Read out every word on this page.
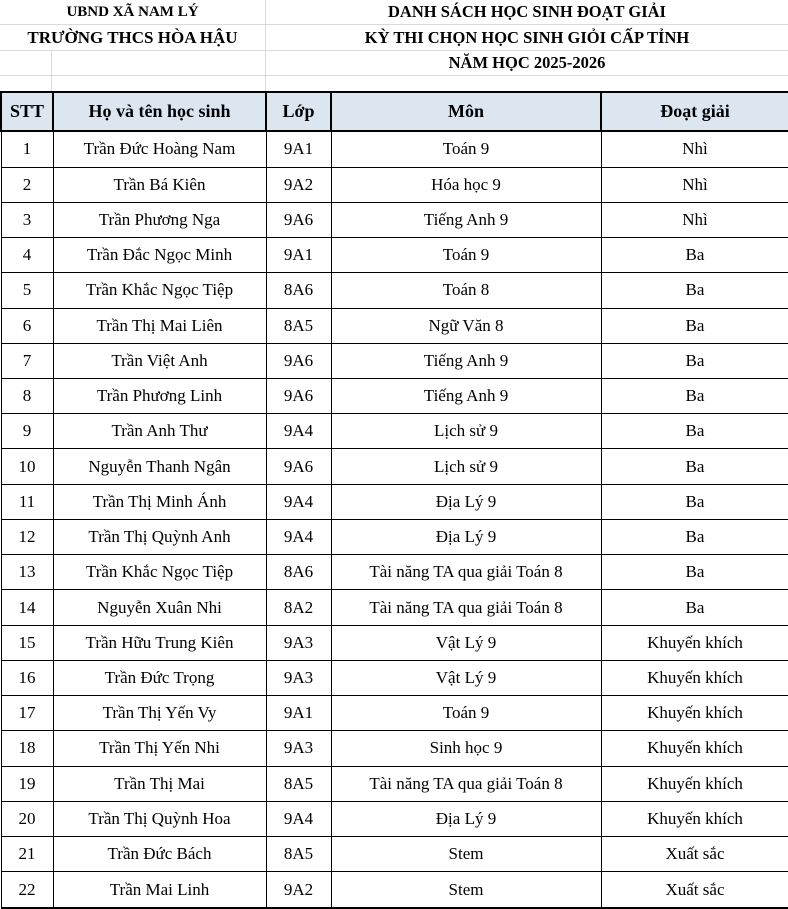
UBND XÃ NAM LÝ	DANH SÁCH HỌC SINH ĐOẠT GIẢI
TRƯỜNG THCS HÒA HẬU	KỲ THI CHỌN HỌC SINH GIỎI CẤP TỈNH
NĂM HỌC 2025-2026
STT	Họ và tên học sinh	Lớp	Môn	Đoạt giải
1	Trần Đức Hoàng Nam	9A1	Toán 9	Nhì
2	Trần Bá Kiên	9A2	Hóa học 9	Nhì
3	Trần Phương Nga	9A6	Tiếng Anh 9	Nhì
4	Trần Đắc Ngọc Minh	9A1	Toán 9	Ba
5	Trần Khắc Ngọc Tiệp	8A6	Toán 8	Ba
6	Trần Thị Mai Liên	8A5	Ngữ Văn 8	Ba
7	Trần Việt Anh	9A6	Tiếng Anh 9	Ba
8	Trần Phương Linh	9A6	Tiếng Anh 9	Ba
9	Trần Anh Thư	9A4	Lịch sử 9	Ba
10	Nguyễn Thanh Ngân	9A6	Lịch sử 9	Ba
11	Trần Thị Minh Ánh	9A4	Địa Lý 9	Ba
12	Trần Thị Quỳnh Anh	9A4	Địa Lý 9	Ba
13	Trần Khắc Ngọc Tiệp	8A6	Tài năng TA qua giải Toán 8	Ba
14	Nguyễn Xuân Nhi	8A2	Tài năng TA qua giải Toán 8	Ba
15	Trần Hữu Trung Kiên	9A3	Vật Lý 9	Khuyến khích
16	Trần Đức Trọng	9A3	Vật Lý 9	Khuyến khích
17	Trần Thị Yến Vy	9A1	Toán 9	Khuyến khích
18	Trần Thị Yến Nhi	9A3	Sinh học 9	Khuyến khích
19	Trần Thị Mai	8A5	Tài năng TA qua giải Toán 8	Khuyến khích
20	Trần Thị Quỳnh Hoa	9A4	Địa Lý 9	Khuyến khích
21	Trần Đức Bách	8A5	Stem	Xuất sắc
22	Trần Mai Linh	9A2	Stem	Xuất sắc
